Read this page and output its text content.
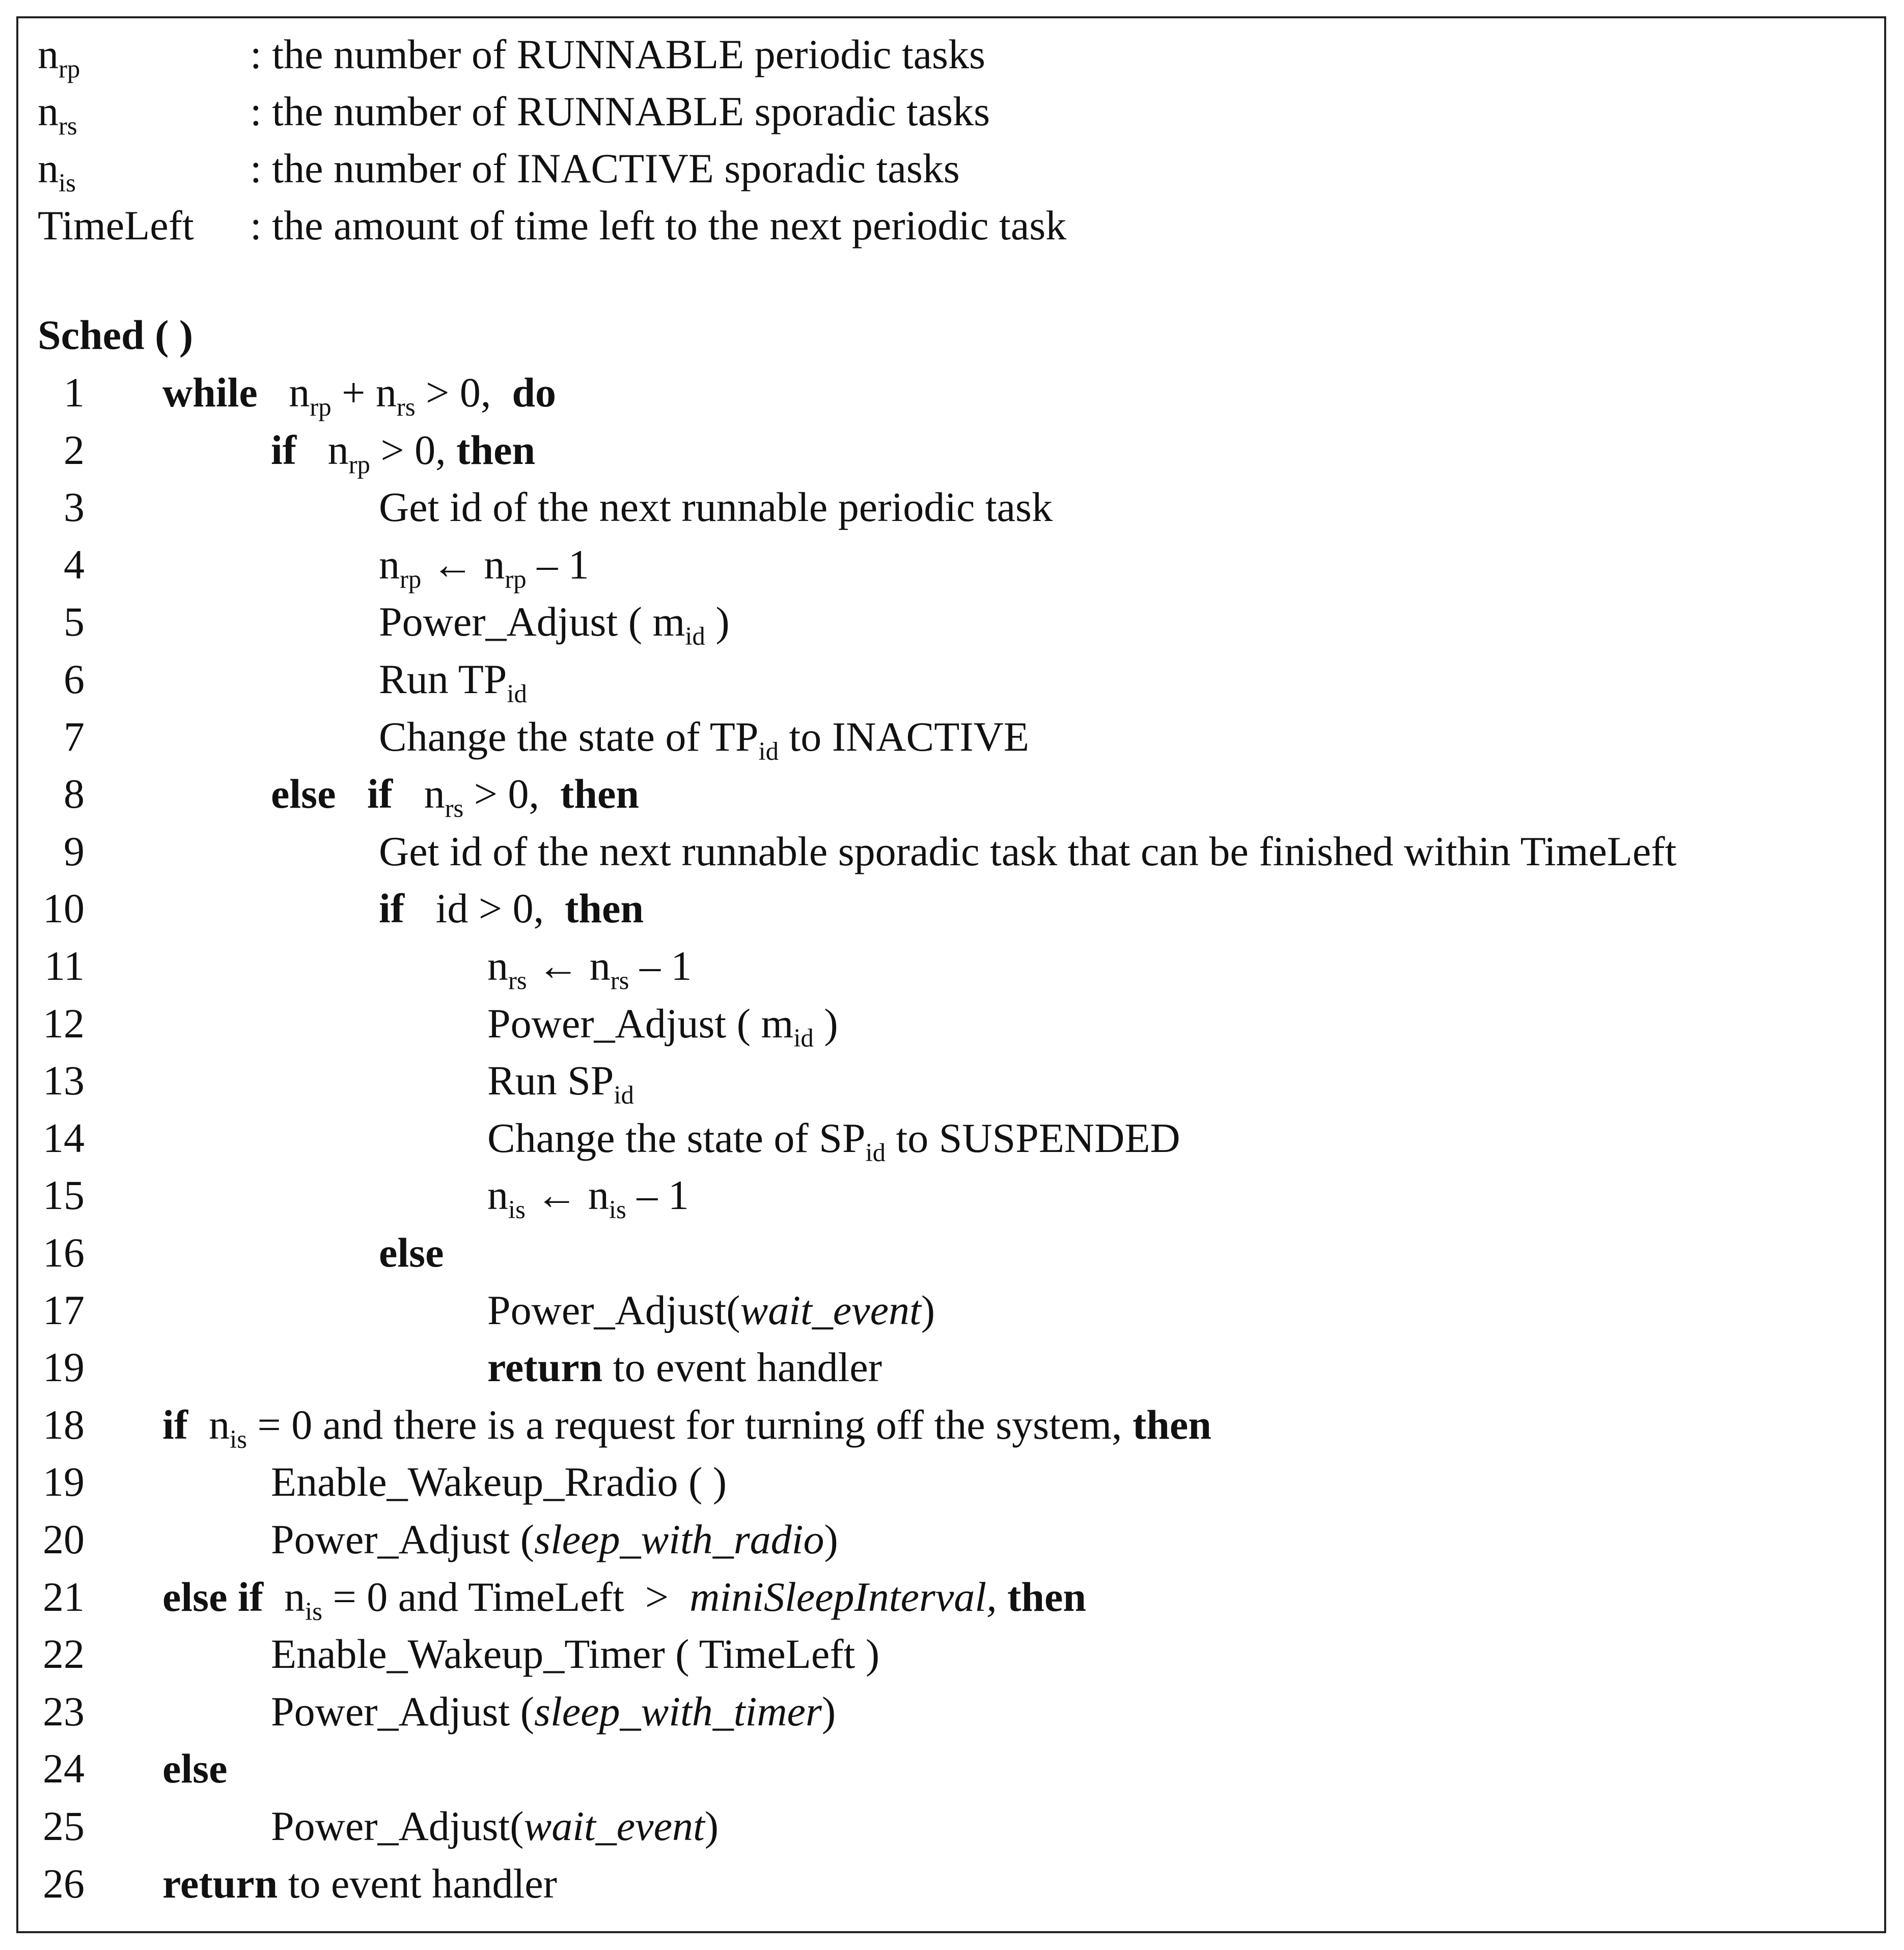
$n_{rp}$	: the number of RUNNABLE periodic tasks
$n_{rs}$	: the number of RUNNABLE sporadic tasks
$n_{is}$	: the number of INACTIVE sporadic tasks
TimeLeft : the amount of time left to the next periodic task
Sched ( )
1 while   $n_{rp} + n_{rs} > 0$,  do
2	if   $n_{rp} > 0$, then
3	Get id of the next runnable periodic task
4	$n_{rp}$ ← $n_{rp} - 1$
5	Power_Adjust ( $m_{id}$ )
6	Run $TP_{id}$
7	Change the state of $TP_{id}$ to INACTIVE
8	else if   $n_{rs} > 0$,  then
9	Get id of the next runnable sporadic task that can be finished within TimeLeft
10	if   id > 0,  then
11	$n_{rs}$ ← $n_{rs} - 1$
12	Power_Adjust ( $m_{id}$ )
13	Run $SP_{id}$
14	Change the state of $SP_{id}$ to SUSPENDED
15	$n_{is}$ ← $n_{is} - 1$
16	else
17	Power_Adjust(wait_event)
19	return to event handler
18 if  $n_{is} = 0$ and there is a request for turning off the system, then
19	Enable_Wakeup_Rradio ( )
20	Power_Adjust (sleep_with_radio)
21 else if  $n_{is} = 0$ and TimeLeft  >  miniSleepInterval, then
22	Enable_Wakeup_Timer ( TimeLeft )
23	Power_Adjust (sleep_with_timer)
24 else
25	Power_Adjust(wait_event)
26 return to event handler
